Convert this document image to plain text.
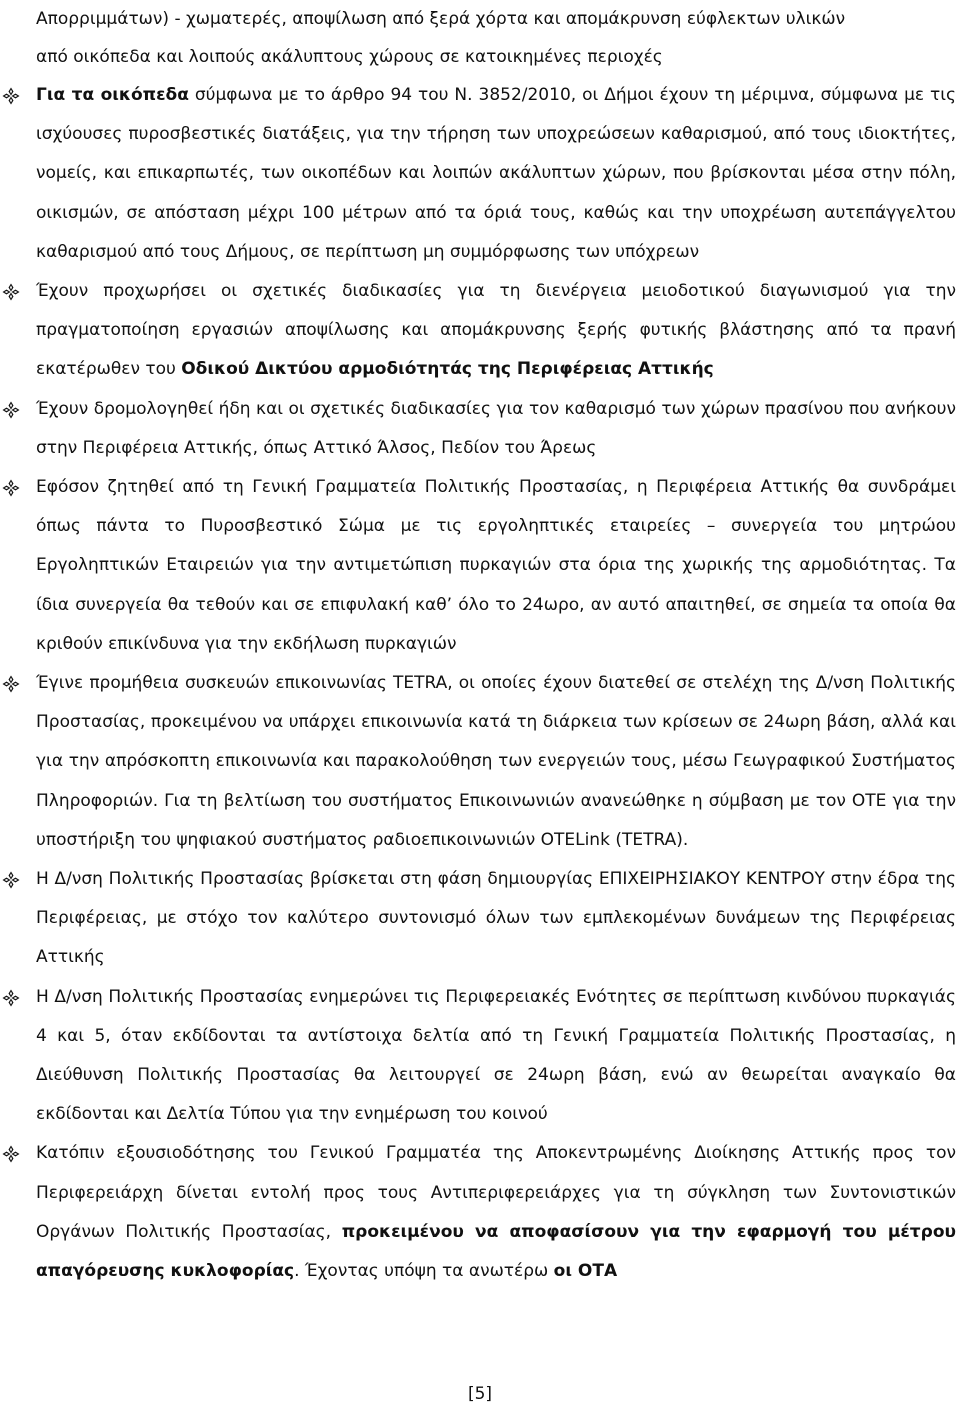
Απορριμμάτων) - χωματερές, αποψίλωση από ξερά χόρτα και απομάκρυνση εύφλεκτων υλικών

από οικόπεδα και λοιπούς ακάλυπτους χώρους σε κατοικημένες περιοχές

Για τα οικόπεδα σύμφωνα με το άρθρο 94 του Ν. 3852/2010, οι Δήμοι έχουν τη μέριμνα, σύμφωνα με τις ισχύουσες πυροσβεστικές διατάξεις, για την τήρηση των υποχρεώσεων καθαρισμού, από τους ιδιοκτήτες, νομείς, και επικαρπωτές, των οικοπέδων και λοιπών ακάλυπτων χώρων, που βρίσκονται μέσα στην πόλη, οικισμών, σε απόσταση μέχρι 100 μέτρων από τα όριά τους, καθώς και την υποχρέωση αυτεπάγγελτου καθαρισμού από τους Δήμους, σε περίπτωση μη συμμόρφωσης των υπόχρεων
Έχουν προχωρήσει οι σχετικές διαδικασίες για τη διενέργεια μειοδοτικού διαγωνισμού για την πραγματοποίηση εργασιών αποψίλωσης και απομάκρυνσης ξερής φυτικής βλάστησης από τα πρανή εκατέρωθεν του Οδικού Δικτύου αρμοδιότητάς της Περιφέρειας Αττικής
Έχουν δρομολογηθεί ήδη και οι σχετικές διαδικασίες για τον καθαρισμό των χώρων πρασίνου που ανήκουν στην Περιφέρεια Αττικής, όπως Αττικό Άλσος, Πεδίον του Άρεως
Εφόσον ζητηθεί από τη Γενική Γραμματεία Πολιτικής Προστασίας, η Περιφέρεια Αττικής θα συνδράμει όπως πάντα το Πυροσβεστικό Σώμα με τις εργοληπτικές εταιρείες – συνεργεία του μητρώου Εργοληπτικών Εταιρειών για την αντιμετώπιση πυρκαγιών στα όρια της χωρικής της αρμοδιότητας. Τα ίδια συνεργεία θα τεθούν και σε επιφυλακή καθ’ όλο το 24ωρο, αν αυτό απαιτηθεί, σε σημεία τα οποία θα κριθούν επικίνδυνα για την εκδήλωση πυρκαγιών
Έγινε προμήθεια συσκευών επικοινωνίας TETRA, οι οποίες έχουν διατεθεί σε στελέχη της Δ/νση Πολιτικής Προστασίας, προκειμένου να υπάρχει επικοινωνία κατά τη διάρκεια των κρίσεων σε 24ωρη βάση, αλλά και για την απρόσκοπτη επικοινωνία και παρακολούθηση των ενεργειών τους, μέσω Γεωγραφικού Συστήματος Πληροφοριών. Για τη βελτίωση του συστήματος Επικοινωνιών ανανεώθηκε η σύμβαση με τον ΟΤΕ για την υποστήριξη του ψηφιακού συστήματος ραδιοεπικοινωνιών OTELink (TETRA).
Η Δ/νση Πολιτικής Προστασίας βρίσκεται στη φάση δημιουργίας ΕΠΙΧΕΙΡΗΣΙΑΚΟΥ ΚΕΝΤΡΟΥ στην έδρα της Περιφέρειας, με στόχο τον καλύτερο συντονισμό όλων των εμπλεκομένων δυνάμεων της Περιφέρειας Αττικής
Η Δ/νση Πολιτικής Προστασίας ενημερώνει τις Περιφερειακές Ενότητες σε περίπτωση κινδύνου πυρκαγιάς 4 και 5, όταν εκδίδονται τα αντίστοιχα δελτία από τη Γενική Γραμματεία Πολιτικής Προστασίας, η Διεύθυνση Πολιτικής Προστασίας θα λειτουργεί σε 24ωρη βάση, ενώ αν θεωρείται αναγκαίο θα εκδίδονται και Δελτία Τύπου για την ενημέρωση του κοινού
Κατόπιν εξουσιοδότησης του Γενικού Γραμματέα της Αποκεντρωμένης Διοίκησης Αττικής προς τον Περιφερειάρχη δίνεται εντολή προς τους Αντιπεριφερειάρχες για τη σύγκληση των Συντονιστικών Οργάνων Πολιτικής Προστασίας, προκειμένου να αποφασίσουν για την εφαρμογή του μέτρου απαγόρευσης κυκλοφορίας. Έχοντας υπόψη τα ανωτέρω οι ΟΤΑ
[5]
